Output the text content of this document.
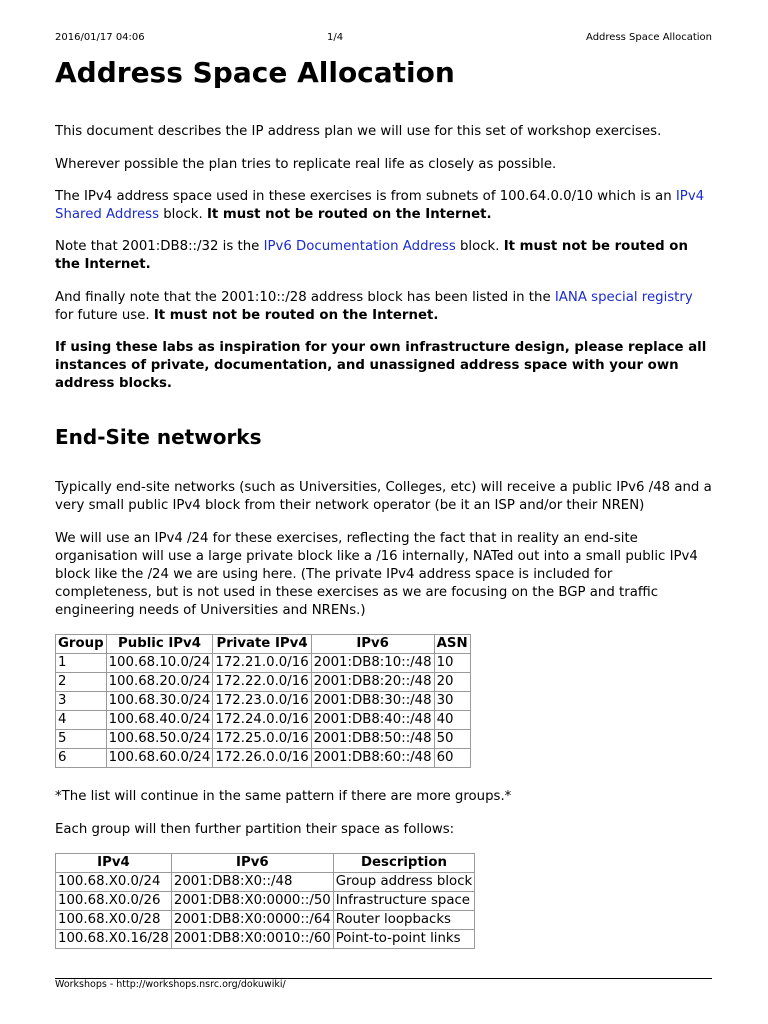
2016/01/17 04:06	1/4	Address Space Allocation
Address Space Allocation

This document describes the IP address plan we will use for this set of workshop exercises.

Wherever possible the plan tries to replicate real life as closely as possible.

The IPv4 address space used in these exercises is from subnets of 100.64.0.0/10 which is an IPv4 Shared Address block. It must not be routed on the Internet.

Note that 2001:DB8::/32 is the IPv6 Documentation Address block. It must not be routed on the Internet.

And finally note that the 2001:10::/28 address block has been listed in the IANA special registry for future use. It must not be routed on the Internet.

If using these labs as inspiration for your own infrastructure design, please replace all instances of private, documentation, and unassigned address space with your own address blocks.

End-Site networks

Typically end-site networks (such as Universities, Colleges, etc) will receive a public IPv6 /48 and a very small public IPv4 block from their network operator (be it an ISP and/or their NREN)

We will use an IPv4 /24 for these exercises, reflecting the fact that in reality an end-site organisation will use a large private block like a /16 internally, NATed out into a small public IPv4 block like the /24 we are using here. (The private IPv4 address space is included for completeness, but is not used in these exercises as we are focusing on the BGP and traffic engineering needs of Universities and NRENs.)

Group	Public IPv4	Private IPv4	IPv6	ASN
1	100.68.10.0/24	172.21.0.0/16	2001:DB8:10::/48	10
2	100.68.20.0/24	172.22.0.0/16	2001:DB8:20::/48	20
3	100.68.30.0/24	172.23.0.0/16	2001:DB8:30::/48	30
4	100.68.40.0/24	172.24.0.0/16	2001:DB8:40::/48	40
5	100.68.50.0/24	172.25.0.0/16	2001:DB8:50::/48	50
6	100.68.60.0/24	172.26.0.0/16	2001:DB8:60::/48	60

*The list will continue in the same pattern if there are more groups.*

Each group will then further partition their space as follows:

IPv4	IPv6	Description
100.68.X0.0/24	2001:DB8:X0::/48	Group address block
100.68.X0.0/26	2001:DB8:X0:0000::/50	Infrastructure space
100.68.X0.0/28	2001:DB8:X0:0000::/64	Router loopbacks
100.68.X0.16/28	2001:DB8:X0:0010::/60	Point-to-point links
Workshops - http://workshops.nsrc.org/dokuwiki/
